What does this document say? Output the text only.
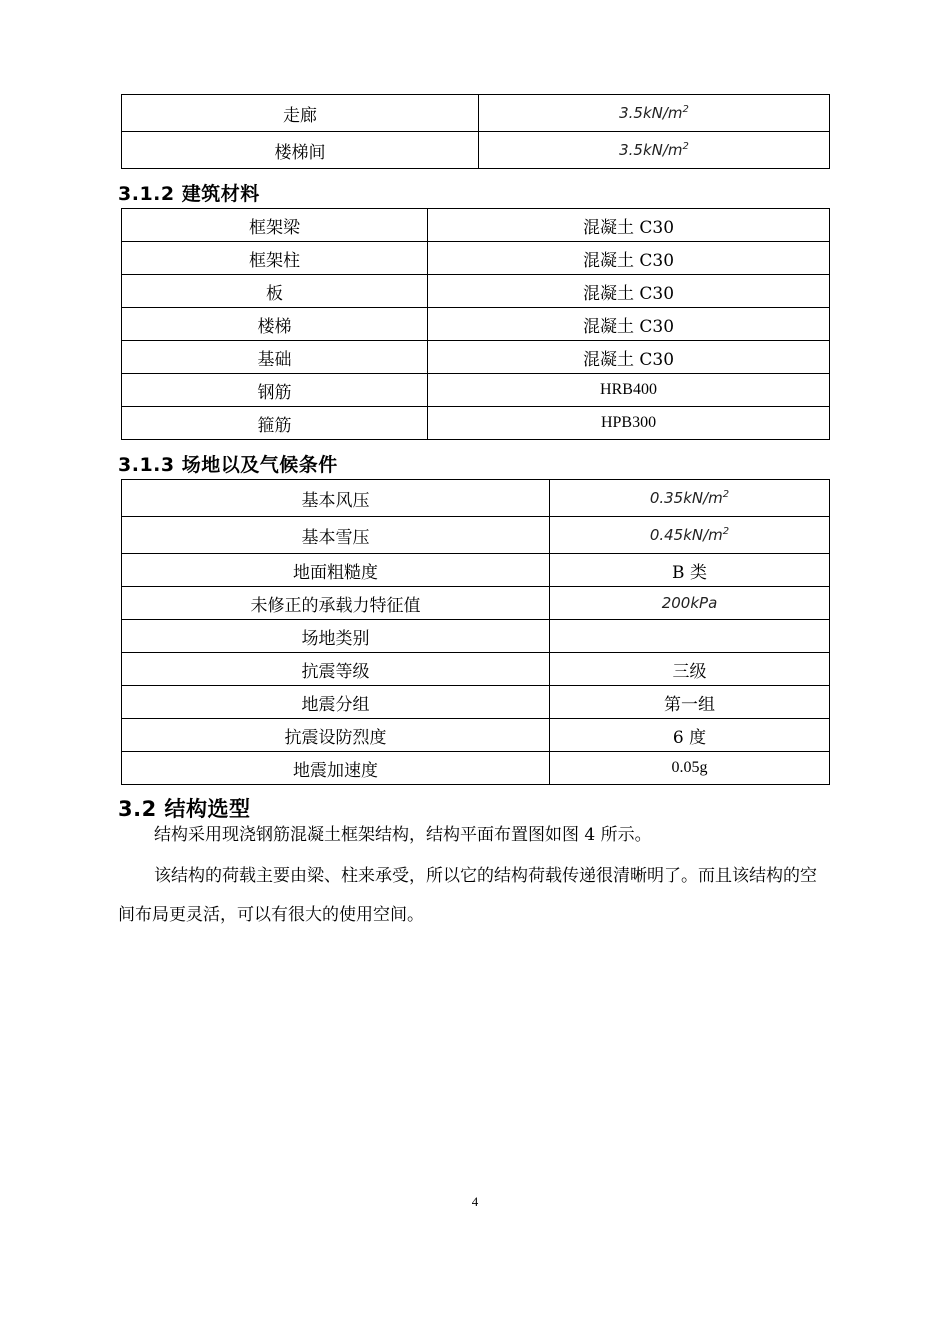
走廊	$3.5kN/m^2$
楼梯间	$3.5kN/m^2$
3.1.2 建筑材料
框架梁	混凝土 C30
框架柱	混凝土 C30
板	混凝土 C30
楼梯	混凝土 C30
基础	混凝土 C30
钢筋	HRB400
箍筋	HPB300
3.1.3 场地以及气候条件
基本风压	$0.35kN/m^2$
基本雪压	$0.45kN/m^2$
地面粗糙度	B 类
未修正的承载力特征值	200kPa
场地类别	
抗震等级	三级
地震分组	第一组
抗震设防烈度	6 度
地震加速度	0.05g
3.2 结构选型

结构采用现浇钢筋混凝土框架结构，结构平面布置图如图 4 所示。

该结构的荷载主要由梁、柱来承受，所以它的结构荷载传递很清晰明了。而且该结构的空间布局更灵活，可以有很大的使用空间。

4
